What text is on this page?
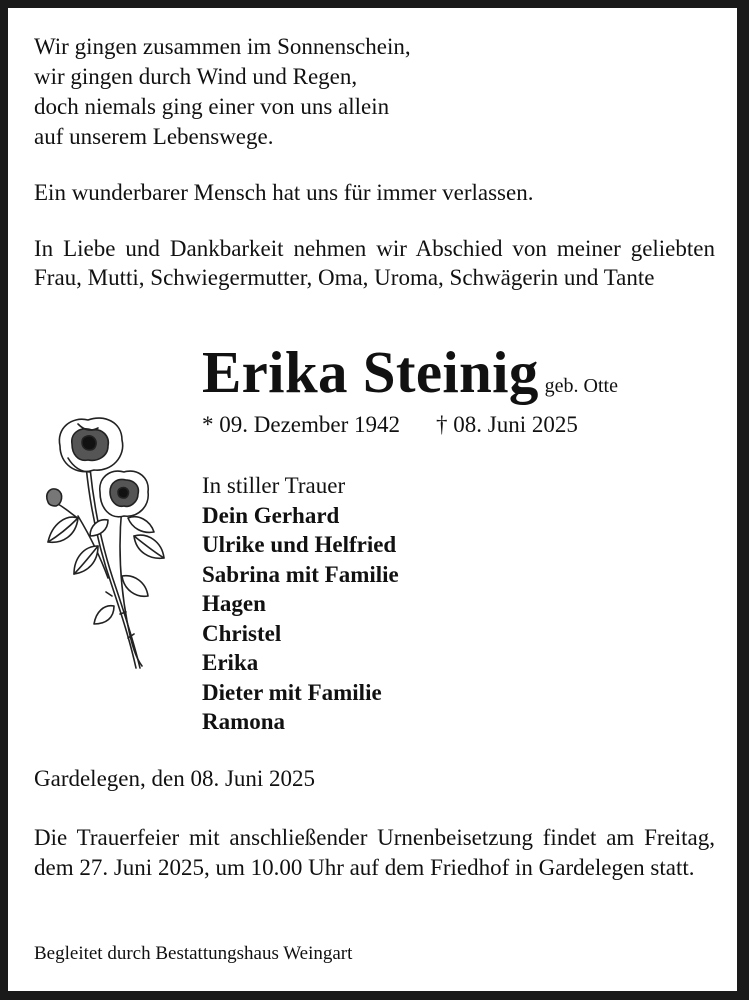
Wir gingen zusammen im Sonnenschein,
wir gingen durch Wind und Regen,
doch niemals ging einer von uns allein
auf unserem Lebenswege.
Ein wunderbarer Mensch hat uns für immer verlassen.
In Liebe und Dankbarkeit nehmen wir Abschied von meiner geliebten Frau, Mutti, Schwiegermutter, Oma, Uroma, Schwägerin und Tante
Erika Steinig geb. Otte
* 09. Dezember 1942 † 08. Juni 2025
In stiller Trauer
Dein Gerhard
Ulrike und Helfried
Sabrina mit Familie
Hagen
Christel
Erika
Dieter mit Familie
Ramona
Gardelegen, den 08. Juni 2025
Die Trauerfeier mit anschließender Urnenbeisetzung findet am Freitag, dem 27. Juni 2025, um 10.00 Uhr auf dem Friedhof in Gardelegen statt.
Begleitet durch Bestattungshaus Weingart
